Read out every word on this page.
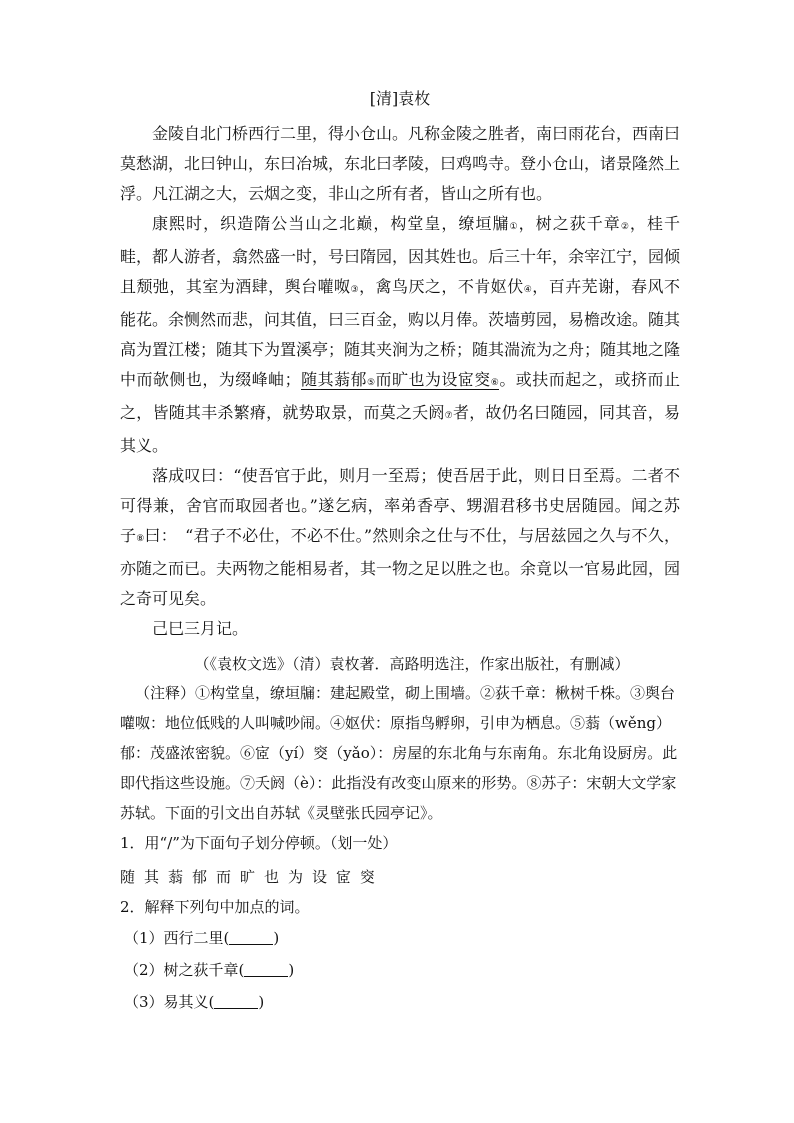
[清]袁枚

金陵自北门桥西行二里，得小仓山。凡称金陵之胜者，南曰雨花台，西南曰莫愁湖，北曰钟山，东曰冶城，东北曰孝陵，曰鸡鸣寺。登小仓山，诸景隆然上浮。凡江湖之大，云烟之变，非山之所有者，皆山之所有也。

康熙时，织造隋公当山之北巅，构堂皇，缭垣牖①，树之荻千章②，桂千畦，都人游者，翕然盛一时，号曰隋园，因其姓也。后三十年，余宰江宁，园倾且颓弛，其室为酒肆，舆台嚾呶③，禽鸟厌之，不肯妪伏④，百卉芜谢，春风不能花。余恻然而悲，问其值，曰三百金，购以月俸。茨墙剪园，易檐改途。随其高为置江楼；随其下为置溪亭；随其夹涧为之桥；随其湍流为之舟；随其地之隆中而欹侧也，为缀峰岫；随其蓊郁⑤而旷也为设宧窔⑥。或扶而起之，或挤而止之，皆随其丰杀繁瘠，就势取景，而莫之夭阏⑦者，故仍名曰随园，同其音，易其义。

落成叹曰：“使吾官于此，则月一至焉；使吾居于此，则日日至焉。二者不可得兼，舍官而取园者也。”遂乞病，率弟香亭、甥湄君移书史居随园。闻之苏子⑧曰：　“君子不必仕，不必不仕。”然则余之仕与不仕，与居兹园之久与不久，亦随之而已。夫两物之能相易者，其一物之足以胜之也。余竟以一官易此园，园之奇可见矣。

己巳三月记。

（《袁枚文选》（清）袁枚著．高路明选注，作家出版社，有删减）

（注释）①构堂皇，缭垣牖：建起殿堂，砌上围墙。②荻千章：楸树千株。③舆台嚾呶：地位低贱的人叫喊吵闹。④妪伏：原指鸟孵卵，引申为栖息。⑤蓊（wěng）郁：茂盛浓密貌。⑥宧（yí）窔（yǎo）：房屋的东北角与东南角。东北角设厨房。此即代指这些设施。⑦夭阏（è）：此指没有改变山原来的形势。⑧苏子：宋朝大文学家苏轼。下面的引文出自苏轼《灵壁张氏园亭记》。

1．用“/”为下面句子划分停顿。（划一处）

随其蓊郁而旷也为设宧窔

2．解释下列句中加点的词。

（1）西行二里(	)

（2）树之荻千章(	)

（3）易其义(	)
